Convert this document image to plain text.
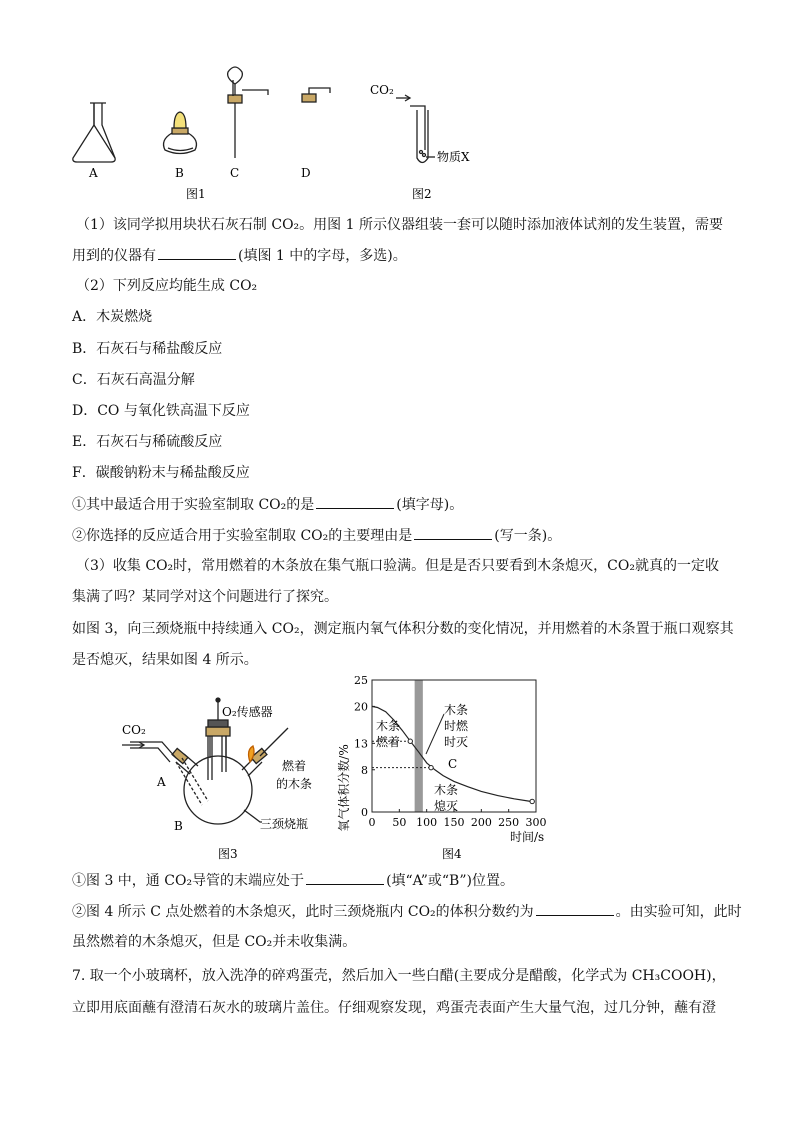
A	B	C	D
图1
CO₂
物质X
图2
（1）该同学拟用块状石灰石制 CO₂。用图 1 所示仪器组装一套可以随时添加液体试剂的发生装置，需要
用到的仪器有	(填图 1 中的字母，多选)。
（2）下列反应均能生成 CO₂
A．木炭燃烧
B．石灰石与稀盐酸反应
C．石灰石高温分解
D．CO 与氧化铁高温下反应
E．石灰石与稀硫酸反应
F．碳酸钠粉末与稀盐酸反应
①其中最适合用于实验室制取 CO₂的是	(填字母)。
②你选择的反应适合用于实验室制取 CO₂的主要理由是	(写一条)。
（3）收集 CO₂时，常用燃着的木条放在集气瓶口验满。但是是否只要看到木条熄灭，CO₂就真的一定收
集满了吗？某同学对这个问题进行了探究。
如图 3，向三颈烧瓶中持续通入 CO₂，测定瓶内氧气体积分数的变化情况，并用燃着的木条置于瓶口观察其
是否熄灭，结果如图 4 所示。
CO₂
O₂传感器
A
B
燃着
的木条
三颈烧瓶
图3
0 50 100 150 200 250 300
0
8
13
20
25
氧气体积分数/%
时间/s
木条
燃着
木条
时燃
时灭
木条
熄灭
C
图4
①图 3 中，通 CO₂导管的末端应处于	(填“A”或“B”)位置。
②图 4 所示 C 点处燃着的木条熄灭，此时三颈烧瓶内 CO₂的体积分数约为	。由实验可知，此时
虽然燃着的木条熄灭，但是 CO₂并未收集满。
7. 取一个小玻璃杯，放入洗净的碎鸡蛋壳，然后加入一些白醋(主要成分是醋酸，化学式为 CH₃COOH)，
立即用底面蘸有澄清石灰水的玻璃片盖住。仔细观察发现，鸡蛋壳表面产生大量气泡，过几分钟，蘸有澄
